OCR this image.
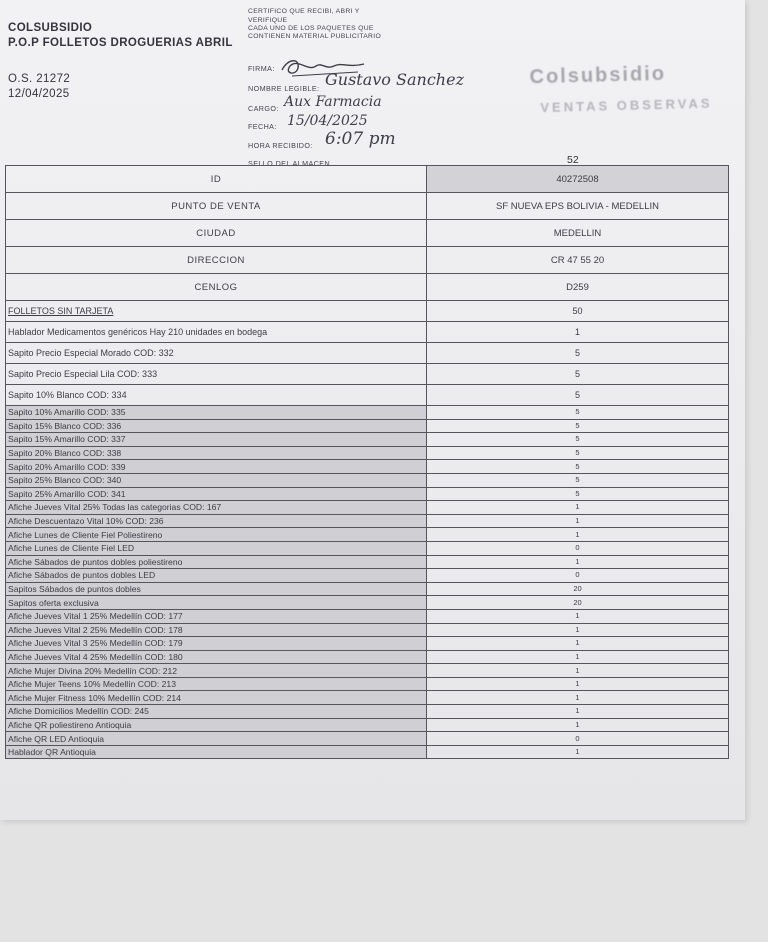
COLSUBSIDIO
P.O.P FOLLETOS DROGUERIAS ABRIL
O.S. 21272
12/04/2025
CERTIFICO QUE RECIBI, ABRI Y
VERIFIQUE
CADA UNO DE LOS PAQUETES QUE
CONTIENEN MATERIAL PUBLICITARIO
FIRMA:
NOMBRE LEGIBLE: Gustavo Sanchez
CARGO: Aux Farmacia
FECHA: 15/04/2025
HORA RECIBIDO: 6:07 pm
SELLO DEL ALMACEN
Colsubsidio
VENTAS OBSERVAS
52
ID	40272508
PUNTO DE VENTA	SF NUEVA EPS BOLIVIA - MEDELLIN
CIUDAD	MEDELLIN
DIRECCION	CR 47 55 20
CENLOG	D259
FOLLETOS SIN TARJETA	50
Hablador Medicamentos genéricos Hay 210 unidades en bodega	1
Sapito Precio Especial Morado COD: 332	5
Sapito Precio Especial Lila COD: 333	5
Sapito 10% Blanco COD: 334	5
Sapito 10% Amarillo COD: 335	5
Sapito 15% Blanco COD: 336	5
Sapito 15% Amarillo COD: 337	5
Sapito 20% Blanco COD: 338	5
Sapito 20% Amarillo COD: 339	5
Sapito 25% Blanco COD: 340	5
Sapito 25% Amarillo COD: 341	5
Afiche Jueves Vital 25% Todas las categorias COD: 167	1
Afiche Descuentazo Vital 10% COD: 236	1
Afiche Lunes de Cliente Fiel Poliestireno	1
Afiche Lunes de Cliente Fiel LED	0
Afiche Sábados de puntos dobles poliestireno	1
Afiche Sábados de puntos dobles LED	0
Sapitos Sábados de puntos dobles	20
Sapitos oferta exclusiva	20
Afiche Jueves Vital 1 25% Medellín COD: 177	1
Afiche Jueves Vital 2 25% Medellín COD: 178	1
Afiche Jueves Vital 3 25% Medellín COD: 179	1
Afiche Jueves Vital 4 25% Medellín COD: 180	1
Afiche Mujer Divina 20% Medellín COD: 212	1
Afiche Mujer Teens 10% Medellín COD: 213	1
Afiche Mujer Fitness 10% Medellín COD: 214	1
Afiche Domicilios Medellín COD: 245	1
Afiche QR poliestireno Antioquia	1
Afiche QR LED Antioquia	0
Hablador QR Antioquia	1
